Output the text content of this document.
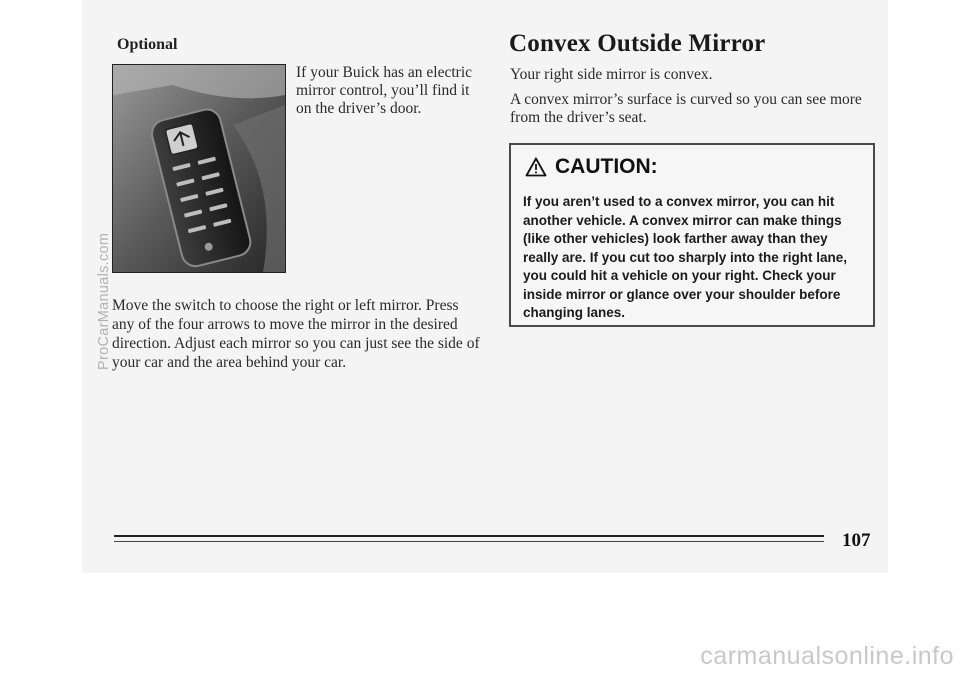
Optional

If your Buick has an electric mirror control, you’ll find it on the driver’s door.

Move the switch to choose the right or left mirror. Press any of the four arrows to move the mirror in the desired direction. Adjust each mirror so you can just see the side of your car and the area behind your car.

Convex Outside Mirror

Your right side mirror is convex.

A convex mirror’s surface is curved so you can see more from the driver’s seat.

CAUTION:

If you aren’t used to a convex mirror, you can hit another vehicle. A convex mirror can make things (like other vehicles) look farther away than they really are. If you cut too sharply into the right lane, you could hit a vehicle on your right. Check your inside mirror or glance over your shoulder before changing lanes.

107
ProCarManuals.com
carmanualsonline.info
